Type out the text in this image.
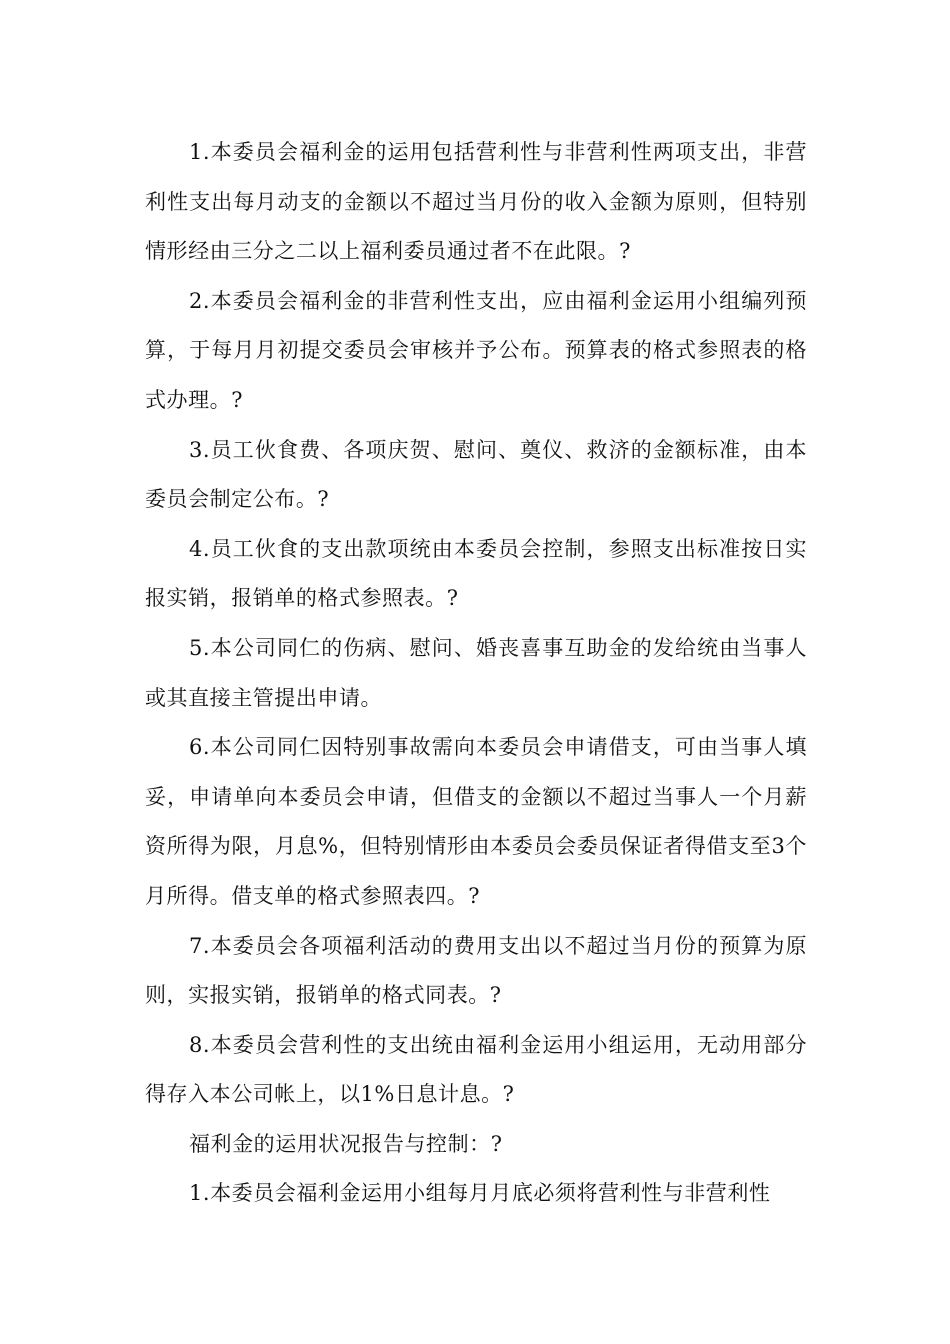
1.本委员会福利金的运用包括营利性与非营利性两项支出，非营利性支出每月动支的金额以不超过当月份的收入金额为原则，但特别情形经由三分之二以上福利委员通过者不在此限。?

2.本委员会福利金的非营利性支出，应由福利金运用小组编列预算，于每月月初提交委员会审核并予公布。预算表的格式参照表的格式办理。?

3.员工伙食费、各项庆贺、慰问、奠仪、救济的金额标准，由本委员会制定公布。?

4.员工伙食的支出款项统由本委员会控制，参照支出标准按日实报实销，报销单的格式参照表。?

5.本公司同仁的伤病、慰问、婚丧喜事互助金的发给统由当事人或其直接主管提出申请。

6.本公司同仁因特别事故需向本委员会申请借支，可由当事人填妥，申请单向本委员会申请，但借支的金额以不超过当事人一个月薪资所得为限，月息%，但特别情形由本委员会委员保证者得借支至3个月所得。借支单的格式参照表四。?

7.本委员会各项福利活动的费用支出以不超过当月份的预算为原则，实报实销，报销单的格式同表。?

8.本委员会营利性的支出统由福利金运用小组运用，无动用部分得存入本公司帐上，以1%日息计息。?

福利金的运用状况报告与控制：?

1.本委员会福利金运用小组每月月底必须将营利性与非营利性
